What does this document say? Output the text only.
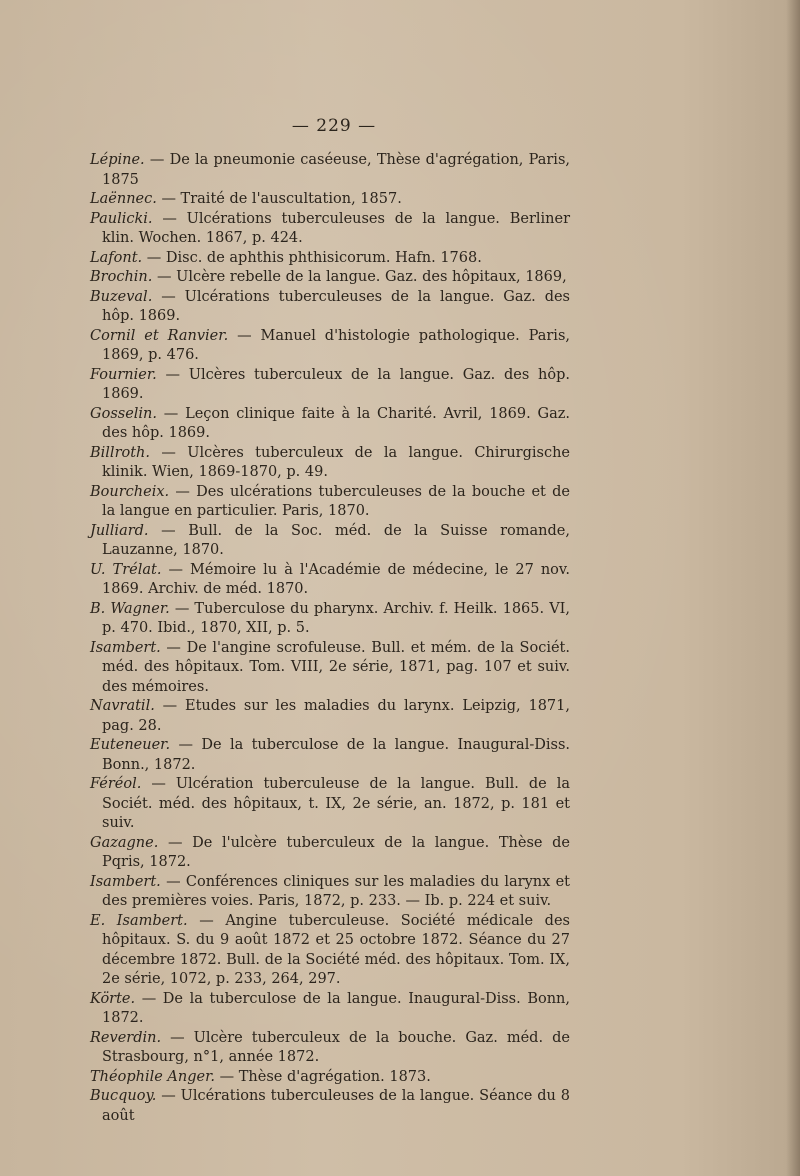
— 229 —
Lépine. — De la pneumonie caséeuse, Thèse d'agrégation, Paris, 1875
Laënnec. — Traité de l'auscultation, 1857.
Paulicki. — Ulcérations tuberculeuses de la langue. Berliner klin. Wochen. 1867, p. 424.
Lafont. — Disc. de aphthis phthisicorum. Hafn. 1768.
Brochin. — Ulcère rebelle de la langue. Gaz. des hôpitaux, 1869,
Buzeval. — Ulcérations tuberculeuses de la langue. Gaz. des hôp. 1869.
Cornil et Ranvier. — Manuel d'histologie pathologique. Paris, 1869, p. 476.
Fournier. — Ulcères tuberculeux de la langue. Gaz. des hôp. 1869.
Gosselin. — Leçon clinique faite à la Charité. Avril, 1869. Gaz. des hôp. 1869.
Billroth. — Ulcères tuberculeux de la langue. Chirurgische klinik. Wien, 1869-1870, p. 49.
Bourcheix. — Des ulcérations tuberculeuses de la bouche et de la langue en particulier. Paris, 1870.
Julliard. — Bull. de la Soc. méd. de la Suisse romande, Lauzanne, 1870.
U. Trélat. — Mémoire lu à l'Académie de médecine, le 27 nov. 1869. Archiv. de méd. 1870.
B. Wagner. — Tuberculose du pharynx. Archiv. f. Heilk. 1865. VI, p. 470. Ibid., 1870, XII, p. 5.
Isambert. — De l'angine scrofuleuse. Bull. et mém. de la Sociét. méd. des hôpitaux. Tom. VIII, 2e série, 1871, pag. 107 et suiv. des mémoires.
Navratil. — Etudes sur les maladies du larynx. Leipzig, 1871, pag. 28.
Euteneuer. — De la tuberculose de la langue. Inaugural-Diss. Bonn., 1872.
Féréol. — Ulcération tuberculeuse de la langue. Bull. de la Sociét. méd. des hôpitaux, t. IX, 2e série, an. 1872, p. 181 et suiv.
Gazagne. — De l'ulcère tuberculeux de la langue. Thèse de Pqris, 1872.
Isambert. — Conférences cliniques sur les maladies du larynx et des premières voies. Paris, 1872, p. 233. — Ib. p. 224 et suiv.
E. Isambert. — Angine tuberculeuse. Société médicale des hôpitaux. S. du 9 août 1872 et 25 octobre 1872. Séance du 27 décembre 1872. Bull. de la Société méd. des hôpitaux. Tom. IX, 2e série, 1072, p. 233, 264, 297.
Körte. — De la tuberculose de la langue. Inaugural-Diss. Bonn, 1872.
Reverdin. — Ulcère tuberculeux de la bouche. Gaz. méd. de Strasbourg, n°1, année 1872.
Théophile Anger. — Thèse d'agrégation. 1873.
Bucquoy. — Ulcérations tuberculeuses de la langue. Séance du 8 août
